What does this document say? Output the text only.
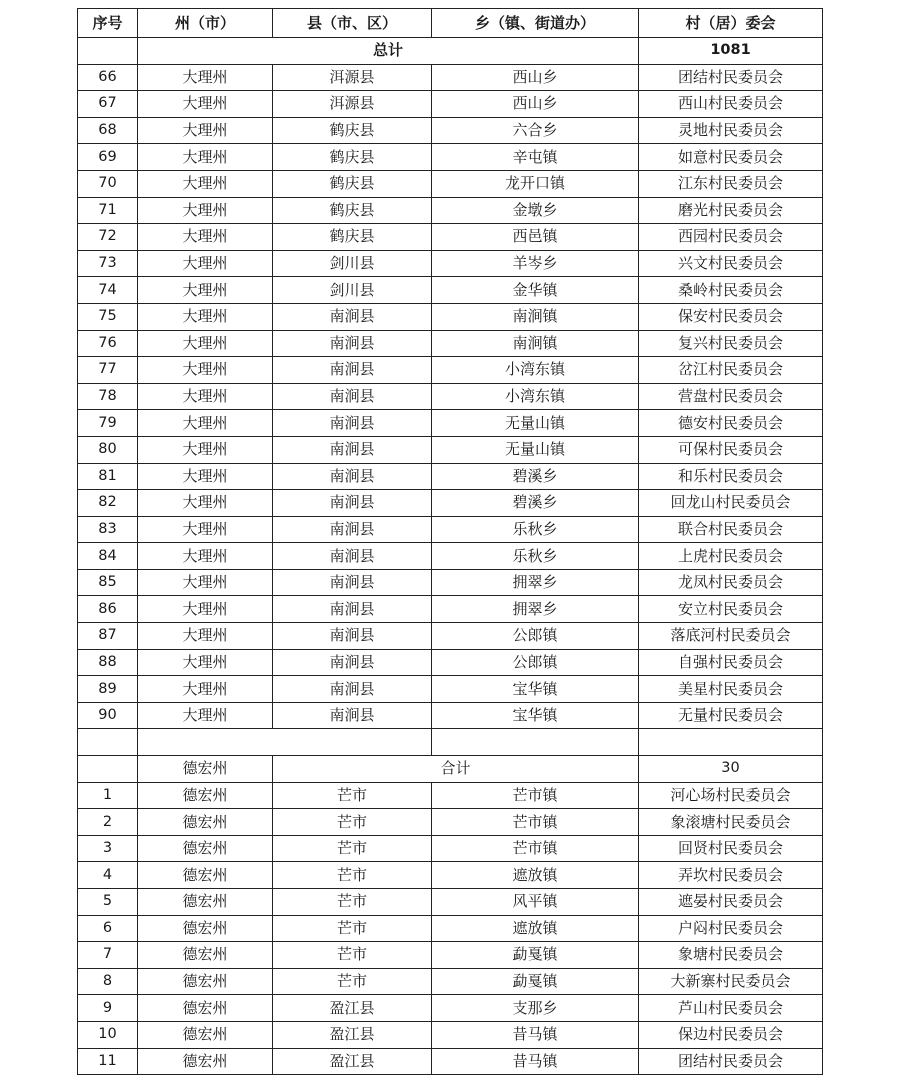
序号	州（市）	县（市、区）	乡（镇、街道办）	村（居）委会
	总计			1081
66	大理州	洱源县	西山乡	团结村民委员会
67	大理州	洱源县	西山乡	西山村民委员会
68	大理州	鹤庆县	六合乡	灵地村民委员会
69	大理州	鹤庆县	辛屯镇	如意村民委员会
70	大理州	鹤庆县	龙开口镇	江东村民委员会
71	大理州	鹤庆县	金墩乡	磨光村民委员会
72	大理州	鹤庆县	西邑镇	西园村民委员会
73	大理州	剑川县	羊岑乡	兴文村民委员会
74	大理州	剑川县	金华镇	桑岭村民委员会
75	大理州	南涧县	南涧镇	保安村民委员会
76	大理州	南涧县	南涧镇	复兴村民委员会
77	大理州	南涧县	小湾东镇	岔江村民委员会
78	大理州	南涧县	小湾东镇	营盘村民委员会
79	大理州	南涧县	无量山镇	德安村民委员会
80	大理州	南涧县	无量山镇	可保村民委员会
81	大理州	南涧县	碧溪乡	和乐村民委员会
82	大理州	南涧县	碧溪乡	回龙山村民委员会
83	大理州	南涧县	乐秋乡	联合村民委员会
84	大理州	南涧县	乐秋乡	上虎村民委员会
85	大理州	南涧县	拥翠乡	龙凤村民委员会
86	大理州	南涧县	拥翠乡	安立村民委员会
87	大理州	南涧县	公郎镇	落底河村民委员会
88	大理州	南涧县	公郎镇	自强村民委员会
89	大理州	南涧县	宝华镇	美星村民委员会
90	大理州	南涧县	宝华镇	无量村民委员会

	德宏州	合计		30
1	德宏州	芒市	芒市镇	河心场村民委员会
2	德宏州	芒市	芒市镇	象滚塘村民委员会
3	德宏州	芒市	芒市镇	回贤村民委员会
4	德宏州	芒市	遮放镇	弄坎村民委员会
5	德宏州	芒市	风平镇	遮晏村民委员会
6	德宏州	芒市	遮放镇	户闷村民委员会
7	德宏州	芒市	勐戛镇	象塘村民委员会
8	德宏州	芒市	勐戛镇	大新寨村民委员会
9	德宏州	盈江县	支那乡	芦山村民委员会
10	德宏州	盈江县	昔马镇	保边村民委员会
11	德宏州	盈江县	昔马镇	团结村民委员会
